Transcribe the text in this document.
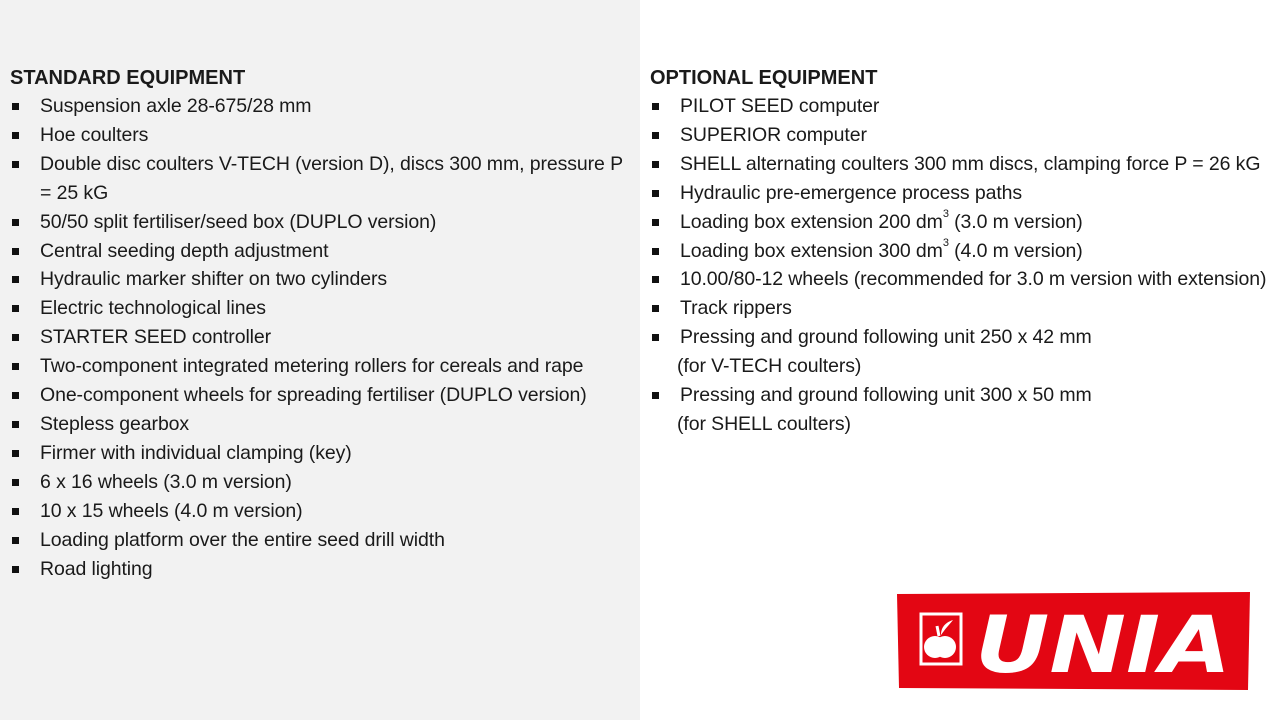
STANDARD EQUIPMENT
Suspension axle 28-675/28 mm
Hoe coulters
Double disc coulters V-TECH (version D), discs 300 mm, pressure P = 25 kG
50/50 split fertiliser/seed box (DUPLO version)
Central seeding depth adjustment
Hydraulic marker shifter on two cylinders
Electric technological lines
STARTER SEED controller
Two-component integrated metering rollers for cereals and rape
One-component wheels for spreading fertiliser (DUPLO version)
Stepless gearbox
Firmer with individual clamping (key)
6 x 16 wheels (3.0 m version)
10 x 15 wheels (4.0 m version)
Loading platform over the entire seed drill width
Road lighting
OPTIONAL EQUIPMENT
PILOT SEED computer
SUPERIOR computer
SHELL alternating coulters 300 mm discs, clamping force P = 26 kG
Hydraulic pre-emergence process paths
Loading box extension 200 $dm^3$ (3.0 m version)
Loading box extension 300 $dm^3$ (4.0 m version)
10.00/80-12 wheels (recommended for 3.0 m version with extension)
Track rippers
Pressing and ground following unit 250 x 42 mm
(for V-TECH coulters)
Pressing and ground following unit 300 x 50 mm
(for SHELL coulters)
UNIA
